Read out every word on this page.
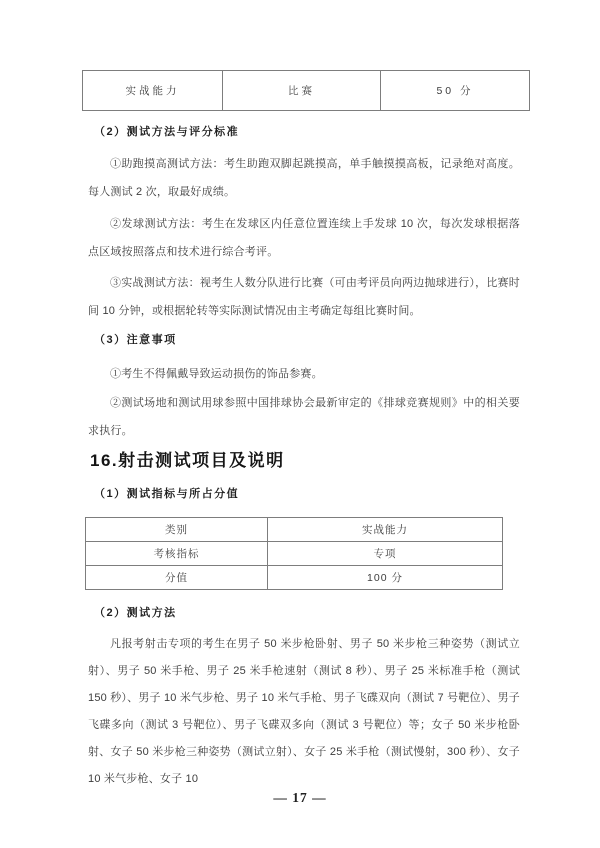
实战能力	比赛	50 分
（2）测试方法与评分标准

①助跑摸高测试方法：考生助跑双脚起跳摸高，单手触摸摸高板，记录绝对高度。每人测试 2 次，取最好成绩。

②发球测试方法：考生在发球区内任意位置连续上手发球 10 次，每次发球根据落点区域按照落点和技术进行综合考评。

③实战测试方法：视考生人数分队进行比赛（可由考评员向两边抛球进行），比赛时间 10 分钟，或根据轮转等实际测试情况由主考确定每组比赛时间。

（3）注意事项

①考生不得佩戴导致运动损伤的饰品参赛。

②测试场地和测试用球参照中国排球协会最新审定的《排球竞赛规则》中的相关要求执行。

16.射击测试项目及说明
（1）测试指标与所占分值
类别	实战能力
考核指标	专项
分值	100 分
（2）测试方法

凡报考射击专项的考生在男子 50 米步枪卧射、男子 50 米步枪三种姿势（测试立射）、男子 50 米手枪、男子 25 米手枪速射（测试 8 秒）、男子 25 米标准手枪（测试 150 秒）、男子 10 米气步枪、男子 10 米气手枪、男子飞碟双向（测试 7 号靶位）、男子飞碟多向（测试 3 号靶位）、男子飞碟双多向（测试 3 号靶位）等；女子 50 米步枪卧射、女子 50 米步枪三种姿势（测试立射）、女子 25 米手枪（测试慢射，300 秒）、女子 10 米气步枪、女子 10

— 17 —
